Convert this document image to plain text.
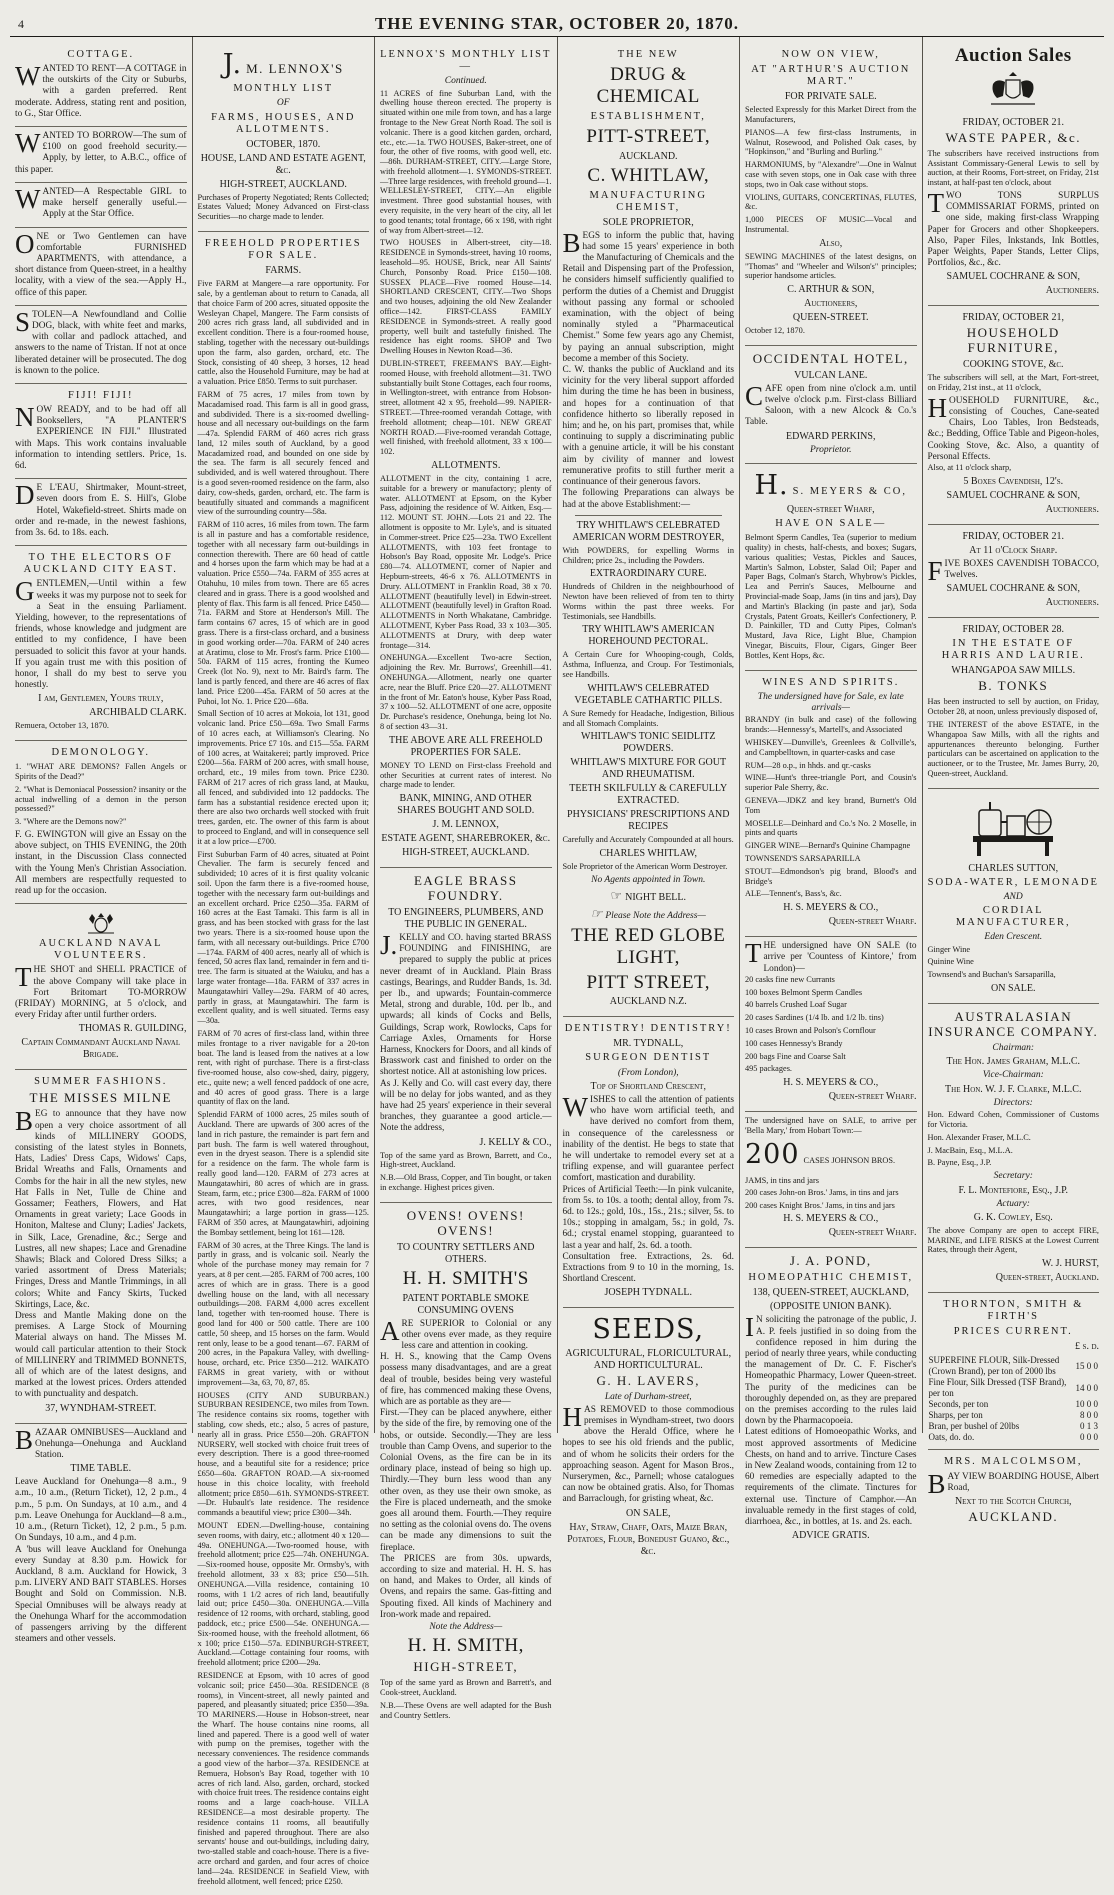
4	THE EVENING STAR, OCTOBER 20, 1870.
COTTAGE.

WANTED TO RENT—A COTTAGE in the outskirts of the City or Suburbs, with a garden preferred. Rent moderate. Address, stating rent and position, to G., Star Office.

WANTED TO BORROW—The sum of £100 on good freehold security.—Apply, by letter, to A.B.C., office of this paper.

WANTED—A Respectable GIRL to make herself generally useful.—Apply at the Star Office.

ONE or Two Gentlemen can have comfortable FURNISHED APARTMENTS, with attendance, a short distance from Queen-street, in a healthy locality, with a view of the sea.—Apply H., office of this paper.

STOLEN—A Newfoundland and Collie DOG, black, with white feet and marks, with collar and padlock attached, and answers to the name of Tristan. If not at once liberated detainer will be prosecuted. The dog is known to the police.

FIJI! FIJI!

NOW READY, and to be had off all Booksellers, "A PLANTER'S EXPERIENCE IN FIJI." Illustrated with Maps. This work contains invaluable information to intending settlers. Price, 1s. 6d.

DE L'EAU, Shirtmaker, Mount-street, seven doors from E. S. Hill's, Globe Hotel, Wakefield-street. Shirts made on order and re-made, in the newest fashions, from 3s. 6d. to 18s. each.

TO THE ELECTORS OF AUCKLAND CITY EAST.

GENTLEMEN,—Until within a few weeks it was my purpose not to seek for a Seat in the ensuing Parliament. Yielding, however, to the representations of friends, whose knowledge and judgment are entitled to my confidence, I have been persuaded to solicit this favor at your hands. If you again trust me with this position of honor, I shall do my best to serve you honestly.

I am, Gentlemen, Yours truly,
ARCHIBALD CLARK.
Remuera, October 13, 1870.
DEMONOLOGY.

1. "WHAT ARE DEMONS? Fallen Angels or Spirits of the Dead?"

2. "What is Demoniacal Possession? insanity or the actual indwelling of a demon in the person possessed?"

3. "Where are the Demons now?"

F. G. EWINGTON will give an Essay on the above subject, on THIS EVENING, the 20th instant, in the Discussion Class connected with the Young Men's Christian Association. All members are respectfully requested to read up for the occasion.

AUCKLAND NAVAL VOLUNTEERS.

THE SHOT and SHELL PRACTICE of the above Company will take place in Fort Britomart TO-MORROW (FRIDAY) MORNING, at 5 o'clock, and every Friday after until further orders.

THOMAS R. GUILDING,
Captain Commandant Auckland Naval Brigade.
SUMMER FASHIONS.
THE MISSES MILNE

BEG to announce that they have now open a very choice assortment of all kinds of MILLINERY GOODS, consisting of the latest styles in Bonnets, Hats, Ladies' Dress Caps, Widows' Caps, Bridal Wreaths and Falls, Ornaments and Combs for the hair in all the new styles, new Hat Falls in Net, Tulle de Chine and Gossamer; Feathers, Flowers, and Hat Ornaments in great variety; Lace Goods in Honiton, Maltese and Cluny; Ladies' Jackets, in Silk, Lace, Grenadine, &c.; Serge and Lustres, all new shapes; Lace and Grenadine Shawls; Black and Colored Dress Silks; a varied assortment of Dress Materials; Fringes, Dress and Mantle Trimmings, in all colors; White and Fancy Skirts, Tucked Skirtings, Lace, &c.

Dress and Mantle Making done on the premises. A Large Stock of Mourning Material always on hand. The Misses M. would call particular attention to their Stock of MILLINERY and TRIMMED BONNETS, all of which are of the latest designs, and marked at the lowest prices. Orders attended to with punctuality and despatch.

37, WYNDHAM-STREET.

BAZAAR OMNIBUSES—Auckland and Onehunga—Onehunga and Auckland Station.

TIME TABLE.

Leave Auckland for Onehunga—8 a.m., 9 a.m., 10 a.m., (Return Ticket), 12, 2 p.m., 4 p.m., 5 p.m. On Sundays, at 10 a.m., and 4 p.m. Leave Onehunga for Auckland—8 a.m., 10 a.m., (Return Ticket), 12, 2 p.m., 5 p.m. On Sundays, 10 a.m., and 4 p.m.

A 'bus will leave Auckland for Onehunga every Sunday at 8.30 p.m. Howick for Auckland, 8 a.m. Auckland for Howick, 3 p.m. LIVERY AND BAIT STABLES. Horses Bought and Sold on Commission. N.B. Special Omnibuses will be always ready at the Onehunga Wharf for the accommodation of passengers arriving by the different steamers and other vessels.

J. M. LENNOX'S
MONTHLY LIST
OF
FARMS, HOUSES, AND ALLOTMENTS.
OCTOBER, 1870.
HOUSE, LAND AND ESTATE AGENT, &c.
HIGH-STREET, AUCKLAND.

Purchases of Property Negotiated; Rents Collected; Estates Valued; Money Advanced on First-class Securities—no charge made to lender.

FREEHOLD PROPERTIES FOR SALE.
FARMS.

Five FARM at Mangere—a rare opportunity. For sale, by a gentleman about to return to Canada, all that choice Farm of 200 acres, situated opposite the Wesleyan Chapel, Mangere. The Farm consists of 200 acres rich grass land, all subdivided and in excellent condition. There is a four-roomed house, stabling, together with the necessary out-buildings upon the farm, also garden, orchard, etc. The Stock, consisting of 40 sheep, 3 horses, 12 head cattle, also the Household Furniture, may be had at a valuation. Price £850. Terms to suit purchaser.

FARM of 75 acres, 17 miles from town by Macadamised road. This farm is all in good grass, and subdivided. There is a six-roomed dwelling-house and all necessary out-buildings on the farm—47a. Splendid FARM of 460 acres rich grass land, 12 miles south of Auckland, by a good Macadamized road, and bounded on one side by the sea. The farm is all securely fenced and subdivided, and is well watered throughout. There is a good seven-roomed residence on the farm, also dairy, cow-sheds, garden, orchard, etc. The farm is beautifully situated and commands a magnificent view of the surrounding country—58a.

FARM of 110 acres, 16 miles from town. The farm is all in pasture and has a comfortable residence, together with all necessary farm out-buildings in connection therewith. There are 60 head of cattle and 4 horses upon the farm which may be had at a valuation. Price £550—74a. FARM of 355 acres at Otahuhu, 10 miles from town. There are 65 acres cleared and in grass. There is a good woolshed and plenty of flax. This farm is all fenced. Price £450—71a. FARM and Store at Henderson's Mill. The farm contains 67 acres, 15 of which are in good grass. There is a first-class orchard, and a business in good working order—70a. FARM of 240 acres at Aratimu, close to Mr. Frost's farm. Price £100—50a. FARM of 115 acres, fronting the Kumeo Creek (lot No. 9), next to Mr. Baird's farm. The land is partly fenced, and there are 46 acres of flax land. Price £200—45a. FARM of 50 acres at the Puhoi, lot No. 1. Price £20—68a.

Small Section of 10 acres at Mokoia, lot 131, good volcanic land. Price £50—69a. Two Small Farms of 10 acres each, at Williamson's Clearing. No improvements. Price £7 10s. and £15—55a. FARM of 100 acres, at Waitakerei; partly improved. Price £200—56a. FARM of 200 acres, with small house, orchard, etc., 19 miles from town. Price £230. FARM of 217 acres of rich grass land, at Mauku, all fenced, and subdivided into 12 paddocks. The farm has a substantial residence erected upon it; there are also two orchards well stocked with fruit trees, garden, etc. The owner of this farm is about to proceed to England, and will in consequence sell it at a low price—£700.

First Suburban Farm of 40 acres, situated at Point Chevalier. The farm is securely fenced and subdivided; 10 acres of it is first quality volcanic soil. Upon the farm there is a five-roomed house, together with the necessary farm out-buildings and an excellent orchard. Price £250—35a. FARM of 160 acres at the East Tamaki. This farm is all in grass, and has been stocked with grass for the last two years. There is a six-roomed house upon the farm, with all necessary out-buildings. Price £700—174a. FARM of 400 acres, nearly all of which is fenced, 50 acres flax land, remainder in fern and ti-tree. The farm is situated at the Waiuku, and has a large water frontage—18a. FARM of 337 acres in Maungatawhiri Valley—29a. FARM of 40 acres, partly in grass, at Maungatawhiri. The farm is excellent quality, and is well situated. Terms easy—30a.

FARM of 70 acres of first-class land, within three miles frontage to a river navigable for a 20-ton boat. The land is leased from the natives at a low rent, with right of purchase. There is a first-class five-roomed house, also cow-shed, dairy, piggery, etc., quite new; a well fenced paddock of one acre, and 40 acres of good grass. There is a large quantity of flax on the land.

Splendid FARM of 1000 acres, 25 miles south of Auckland. There are upwards of 300 acres of the land in rich pasture, the remainder is part fern and part bush. The farm is well watered throughout, even in the dryest season. There is a splendid site for a residence on the farm. The whole farm is really good land—120. FARM of 273 acres at Maungatawhiri, 80 acres of which are in grass. Steam, farm, etc.; price £300—82a. FARM of 1000 acres, with two good residences, near Maungatawhiri; a large portion in grass—125. FARM of 350 acres, at Maungatawhiri, adjoining the Bombay settlement, being lot 161—128.

FARM of 30 acres, at the Three Kings. The land is partly in grass, and is volcanic soil. Nearly the whole of the purchase money may remain for 7 years, at 8 per cent.—285. FARM of 700 acres, 100 acres of which are in grass. There is a good dwelling house on the land, with all necessary outbuildings—208. FARM 4,000 acres excellent land, together with ten-roomed house. There is good land for 400 or 500 cattle. There are 100 cattle, 50 sheep, and 15 horses on the farm. Would rent only, lease to be a good tenant—67. FARM of 200 acres, in the Papakura Valley, with dwelling-house, orchard, etc. Price £350—212. WAIKATO FARMS in great variety, with or without improvement—3a, 63, 70, 87, 85.

HOUSES (CITY AND SUBURBAN.) SUBURBAN RESIDENCE, two miles from Town. The residence contains six rooms, together with stabling, cow sheds, etc.; also, 5 acres of pasture, nearly all in grass. Price £550—20h. GRAFTON NURSERY, well stocked with choice fruit trees of every description. There is a good three-roomed house, and a beautiful site for a residence; price £650—60a. GRAFTON ROAD.—A six-roomed house in this choice locality, with freehold allotment; price £850—61h. SYMONDS-STREET.—Dr. Hubault's late residence. The residence commands a beautiful view; price £300—34h.

MOUNT EDEN.—Dwelling-house, containing seven rooms, with dairy, etc.; allotment 40 x 120—49a. ONEHUNGA.—Two-roomed house, with freehold allotment; price £25—74h. ONEHUNGA.—Six-roomed house, opposite Mr. Ormsby's, with freehold allotment, 33 x 83; price £50—51h. ONEHUNGA.—Villa residence, containing 10 rooms, with 1 1/2 acres of rich land, beautifully laid out; price £450—30a. ONEHUNGA.—Villa residence of 12 rooms, with orchard, stabling, good paddock, etc.; price £500—54e. ONEHUNGA.—Six-roomed house, with the freehold allotment, 66 x 100; price £150—57a. EDINBURGH-STREET, Auckland.—Cottage containing four rooms, with freehold allotment; price £200—29a.

RESIDENCE at Epsom, with 10 acres of good volcanic soil; price £450—30a. RESIDENCE (8 rooms), in Vincent-street, all newly painted and papered, and pleasantly situated; price £350—39a. TO MARINERS.—House in Hobson-street, near the Wharf. The house contains nine rooms, all lined and papered. There is a good well of water with pump on the premises, together with the necessary conveniences. The residence commands a good view of the harbor—37a. RESIDENCE at Remuera, Hobson's Bay Road, together with 10 acres of rich land. Also, garden, orchard, stocked with choice fruit trees. The residence contains eight rooms and a large coach-house. VILLA RESIDENCE—a most desirable property. The residence contains 11 rooms, all beautifully finished and papered throughout. There are also servants' house and out-buildings, including dairy, two-stalled stable and coach-house. There is a five-acre orchard and garden, and four acres of choice land—24a. RESIDENCE in Seafield View, with freehold allotment, well fenced; price £250.

LENNOX'S MONTHLY LIST—
Continued.

11 ACRES of fine Suburban Land, with the dwelling house thereon erected. The property is situated within one mile from town, and has a large frontage to the New Great North Road. The soil is volcanic. There is a good kitchen garden, orchard, etc., etc.—1a. TWO HOUSES, Baker-street, one of four, the other of five rooms, with good well, etc.—86h. DURHAM-STREET, CITY.—Large Store, with freehold allotment—1. SYMONDS-STREET.—Three large residences, with freehold ground—1. WELLESLEY-STREET, CITY.—An eligible investment. Three good substantial houses, with every requisite, in the very heart of the city, all let to good tenants; total frontage, 66 x 198, with right of way from Albert-street—12.

TWO HOUSES in Albert-street, city—18. RESIDENCE in Symonds-street, having 10 rooms, leasehold—95. HOUSE, Brick, near All Saints' Church, Ponsonby Road. Price £150—108. SUSSEX PLACE—Five roomed House—14. SHORTLAND CRESCENT, CITY.—Two Shops and two houses, adjoining the old New Zealander office—142. FIRST-CLASS FAMILY RESIDENCE in Symonds-street. A really good property, well built and tastefully finished. The residence has eight rooms. SHOP and Two Dwelling Houses in Newton Road—36.

DUBLIN-STREET, FREEMAN'S BAY.—Eight-roomed House, with freehold allotment—31. TWO substantially built Stone Cottages, each four rooms, in Wellington-street, with entrance from Hobson-street, allotment 42 x 95, freehold—99. NAPIER-STREET.—Three-roomed verandah Cottage, with freehold allotment; cheap—101. NEW GREAT NORTH ROAD.—Five-roomed verandah Cottage, well finished, with freehold allotment, 33 x 100—102.

ALLOTMENTS.

ALLOTMENT in the city, containing 1 acre, suitable for a brewery or manufactory; plenty of water. ALLOTMENT at Epsom, on the Kyber Pass, adjoining the residence of W. Aitken, Esq.—112. MOUNT ST. JOHN.—Lots 21 and 22. The allotment is opposite to Mr. Lyle's, and is situated in Commer-street. Price £25—23a. TWO Excellent ALLOTMENTS, with 103 feet frontage to Hobson's Bay Road, opposite Mr. Lodge's. Price £80—74. ALLOTMENT, corner of Napier and Hepburn-streets, 46-6 x 76. ALLOTMENTS in Drury. ALLOTMENT in Franklin Road, 38 x 70. ALLOTMENT (beautifully level) in Edwin-street. ALLOTMENT (beautifully level) in Grafton Road. ALLOTMENTS in North Whakatane, Cambridge. ALLOTMENT, Kyber Pass Road, 33 x 103—305. ALLOTMENTS at Drury, with deep water frontage—314.

ONEHUNGA.—Excellent Two-acre Section, adjoining the Rev. Mr. Burrows', Greenhill—41. ONEHUNGA.—Allotment, nearly one quarter acre, near the Bluff. Price £20—27. ALLOTMENT in the front of Mr. Eaton's house, Kyber Pass Road, 37 x 100—52. ALLOTMENT of one acre, opposite Dr. Purchase's residence, Onehunga, being lot No. 8 of section 43—31.

THE ABOVE ARE ALL FREEHOLD PROPERTIES FOR SALE.

MONEY TO LEND on First-class Freehold and other Securities at current rates of interest. No charge made to lender.

BANK, MINING, AND OTHER SHARES BOUGHT AND SOLD.
J. M. LENNOX,
ESTATE AGENT, SHAREBROKER, &c.
HIGH-STREET, AUCKLAND.
EAGLE BRASS FOUNDRY.
TO ENGINEERS, PLUMBERS, AND THE PUBLIC IN GENERAL.

J.KELLY and CO. having started BRASS FOUNDING and FINISHING, are prepared to supply the public at prices never dreamt of in Auckland. Plain Brass castings, Bearings, and Rudder Bands, 1s. 3d. per lb., and upwards; Fountain-commerce Metal, strong and durable, 10d. per lb., and upwards; all kinds of Cocks and Bells, Guildings, Scrap work, Rowlocks, Caps for Carriage Axles, Ornaments for Horse Harness, Knockers for Doors, and all kinds of Brasswork cast and finished to order on the shortest notice. All at astonishing low prices.

As J. Kelly and Co. will cast every day, there will be no delay for jobs wanted, and as they have had 25 years' experience in their several branches, they guarantee a good article.—Note the address,

J. KELLY & CO.,

Top of the same yard as Brown, Barrett, and Co., High-street, Auckland.

N.B.—Old Brass, Copper, and Tin bought, or taken in exchange. Highest prices given.

OVENS! OVENS! OVENS!
TO COUNTRY SETTLERS AND OTHERS.
H. H. SMITH'S
PATENT PORTABLE SMOKE CONSUMING OVENS

ARE SUPERIOR to Colonial or any other ovens ever made, as they require less care and attention in cooking.

H. H. S., knowing that the Camp Ovens possess many disadvantages, and are a great deal of trouble, besides being very wasteful of fire, has commenced making these Ovens, which are as portable as they are—

First.—They can be placed anywhere, either by the side of the fire, by removing one of the hobs, or outside. Secondly.—They are less trouble than Camp Ovens, and superior to the Colonial Ovens, as the fire can be in its ordinary place, instead of being so high up. Thirdly.—They burn less wood than any other oven, as they use their own smoke, as the Fire is placed underneath, and the smoke goes all around them. Fourth.—They require no setting as the colonial ovens do. The ovens can be made any dimensions to suit the fireplace.

The PRICES are from 30s. upwards, according to size and material. H. H. S. has on hand, and Makes to Order, all kinds of Ovens, and repairs the same. Gas-fitting and Spouting fixed. All kinds of Machinery and Iron-work made and repaired.

Note the Address—
H. H. SMITH,
HIGH-STREET,

Top of the same yard as Brown and Barrett's, and Cook-street, Auckland.

N.B.—These Ovens are well adapted for the Bush and Country Settlers.

THE NEW
DRUG & CHEMICAL
ESTABLISHMENT,
PITT-STREET,
AUCKLAND.
C. WHITLAW,
MANUFACTURING CHEMIST,
SOLE PROPRIETOR,

BEGS to inform the public that, having had some 15 years' experience in both the Manufacturing of Chemicals and the Retail and Dispensing part of the Profession, he considers himself sufficiently qualified to perform the duties of a Chemist and Druggist without passing any formal or schooled examination, with the object of being nominally styled a "Pharmaceutical Chemist." Some few years ago any Chemist, by paying an annual subscription, might become a member of this Society.

C. W. thanks the public of Auckland and its vicinity for the very liberal support afforded him during the time he has been in business, and hopes for a continuation of that confidence hitherto so liberally reposed in him; and he, on his part, promises that, while continuing to supply a discriminating public with a genuine article, it will be his constant aim by civility of manner and lowest remunerative profits to still further merit a continuance of their generous favors.

The following Preparations can always be had at the above Establishment:—

TRY WHITLAW'S CELEBRATED AMERICAN WORM DESTROYER,

With POWDERS, for expelling Worms in Children; price 2s., including the Powders.

EXTRAORDINARY CURE.

Hundreds of Children in the neighbourhood of Newton have been relieved of from ten to thirty Worms within the past three weeks. For Testimonials, see Handbills.

TRY WHITLAW'S AMERICAN HOREHOUND PECTORAL.

A Certain Cure for Whooping-cough, Colds, Asthma, Influenza, and Croup. For Testimonials, see Handbills.

WHITLAW'S CELEBRATED VEGETABLE CATHARTIC PILLS.

A Sure Remedy for Headache, Indigestion, Bilious and all Stomach Complaints.

WHITLAW'S TONIC SEIDLITZ POWDERS.
WHITLAW'S MIXTURE FOR GOUT AND RHEUMATISM.
TEETH SKILFULLY & CAREFULLY EXTRACTED.
PHYSICIANS' PRESCRIPTIONS AND RECIPES

Carefully and Accurately Compounded at all hours.

CHARLES WHITLAW,

Sole Proprietor of the American Worm Destroyer.

No Agents appointed in Town.
☞ NIGHT BELL.
☞ Please Note the Address—
THE RED GLOBE LIGHT,
PITT STREET,
AUCKLAND N.Z.
DENTISTRY! DENTISTRY!
MR. TYDNALL,
SURGEON DENTIST
(From London),
Top of Shortland Crescent,

WISHES to call the attention of patients who have worn artificial teeth, and have derived no comfort from them, in consequence of the carelessness or inability of the dentist. He begs to state that he will undertake to remodel every set at a trifling expense, and will guarantee perfect comfort, mastication and durability.

Prices of Artificial Teeth:—In pink vulcanite, from 5s. to 10s. a tooth; dental alloy, from 7s. 6d. to 12s.; gold, 10s., 15s., 21s.; silver, 5s. to 10s.; stopping in amalgam, 5s.; in gold, 7s. 6d.; crystal enamel stopping, guaranteed to last a year and half, 2s. 6d. a tooth.

Consultation free. Extractions, 2s. 6d. Extractions from 9 to 10 in the morning, 1s. Shortland Crescent.

JOSEPH TYDNALL.
SEEDS,
AGRICULTURAL, FLORICULTURAL, AND HORTICULTURAL.
G. H. LAVERS,
Late of Durham-street,

HAS REMOVED to those commodious premises in Wyndham-street, two doors above the Herald Office, where he hopes to see his old friends and the public, and of whom he solicits their orders for the approaching season. Agent for Mason Bros., Nurserymen, &c., Parnell; whose catalogues can now be obtained gratis. Also, for Thomas and Barraclough, for gristing wheat, &c.

ON SALE,
Hay, Straw, Chaff, Oats, Maize Bran, Potatoes, Flour, Bonedust Guano, &c., &c.
NOW ON VIEW,
AT "ARTHUR'S AUCTION MART."
FOR PRIVATE SALE.

Selected Expressly for this Market Direct from the Manufacturers,

PIANOS—A few first-class Instruments, in Walnut, Rosewood, and Polished Oak cases, by "Hopkinson," and "Burling and Burling."

HARMONIUMS, by "Alexandre"—One in Walnut case with seven stops, one in Oak case with three stops, two in Oak case without stops.

VIOLINS, GUITARS, CONCERTINAS, FLUTES, &c.

1,000 PIECES OF MUSIC—Vocal and Instrumental.

Also,

SEWING MACHINES of the latest designs, on "Thomas" and "Wheeler and Wilson's" principles; superior handsome articles.

C. ARTHUR & SON,
Auctioneers,
QUEEN-STREET.
October 12, 1870.
OCCIDENTAL HOTEL,
VULCAN LANE.

CAFE open from nine o'clock a.m. until twelve o'clock p.m. First-class Billiard Saloon, with a new Alcock & Co.'s Table.

EDWARD PERKINS,
Proprietor.
H. S. MEYERS & CO,
Queen-street Wharf,
HAVE ON SALE—

Belmont Sperm Candles, Tea (superior to medium quality) in chests, half-chests, and boxes; Sugars, various qualities; Vestas, Pickles and Sauces, Martin's Salmon, Lobster, Salad Oil; Paper and Paper Bags, Colman's Starch, Whybrow's Pickles, Lea and Perrin's Sauces, Melbourne and Provincial-made Soap, Jams (in tins and jars), Day and Martin's Blacking (in paste and jar), Soda Crystals, Patent Groats, Keiller's Confectionery, P. D. Painkiller, TD and Cutty Pipes, Colman's Mustard, Java Rice, Light Blue, Champion Vinegar, Biscuits, Flour, Cigars, Ginger Beer Bottles, Kent Hops, &c.

WINES AND SPIRITS.
The undersigned have for Sale, ex late arrivals—

BRANDY (in bulk and case) of the following brands:—Hennessy's, Martell's, and Associated

WHISKEY—Dunville's, Greenlees & Collville's, and Campbelltown, in quarter-casks and case

RUM—28 o.p., in hhds. and qr.-casks

WINE—Hunt's three-triangle Port, and Cousin's superior Pale Sherry, &c.

GENEVA—JDKZ and key brand, Burnett's Old Tom

MOSELLE—Deinhard and Co.'s No. 2 Moselle, in pints and quarts

GINGER WINE—Bernard's Quinine Champagne

TOWNSEND'S SARSAPARILLA

STOUT—Edmondson's pig brand, Blood's and Bridge's

ALE—Tennent's, Bass's, &c.

H. S. MEYERS & CO.,
Queen-street Wharf.

THE undersigned have ON SALE (to arrive per 'Countess of Kintore,' from London)—

20 casks fine new Currants

100 boxes Belmont Sperm Candles

40 barrels Crushed Loaf Sugar

20 cases Sardines (1/4 lb. and 1/2 lb. tins)

10 cases Brown and Polson's Cornflour

100 cases Hennessy's Brandy

200 bags Fine and Coarse Salt

495 packages.

H. S. MEYERS & CO.,
Queen-street Wharf.

The undersigned have on SALE, to arrive per 'Bella Mary,' from Hobart Town:—

200 CASES JOHNSON BROS. JAMS, in tins and jars

200 cases John-on Bros.' Jams, in tins and jars

200 cases Knight Bros.' Jams, in tins and jars

H. S. MEYERS & CO.,
Queen-street Wharf.
J. A. POND,
HOMEOPATHIC CHEMIST,
138, QUEEN-STREET, AUCKLAND,
(OPPOSITE UNION BANK).

IN soliciting the patronage of the public, J. A. P. feels justified in so doing from the confidence reposed in him during the period of nearly three years, while conducting the management of Dr. C. F. Fischer's Homeopathic Pharmacy, Lower Queen-street. The purity of the medicines can be thoroughly depended on, as they are prepared on the premises according to the rules laid down by the Pharmacopoeia.

Latest editions of Homoeopathic Works, and most approved assortments of Medicine Chests, on hand and to arrive. Tincture Cases in New Zealand woods, containing from 12 to 60 remedies are especially adapted to the requirements of the climate. Tinctures for external use. Tincture of Camphor.—An invaluable remedy in the first stages of cold, diarrhoea, &c., in bottles, at 1s. and 2s. each.

ADVICE GRATIS.
Auction Sales
FRIDAY, OCTOBER 21.
WASTE PAPER, &c.

The subscribers have received instructions from Assistant Commissary-General Lewis to sell by auction, at their Rooms, Fort-street, on Friday, 21st instant, at half-past ten o'clock, about

TWO TONS SURPLUS COMMISSARIAT FORMS, printed on one side, making first-class Wrapping Paper for Grocers and other Shopkeepers. Also, Paper Files, Inkstands, Ink Bottles, Paper Weights, Paper Stands, Letter Clips, Portfolios, &c., &c.

SAMUEL COCHRANE & SON,
Auctioneers.
FRIDAY, OCTOBER 21,
HOUSEHOLD FURNITURE,
COOKING STOVE, &c.

The subscribers will sell, at the Mart, Fort-street, on Friday, 21st inst., at 11 o'clock,

HOUSEHOLD FURNITURE, &c., consisting of Couches, Cane-seated Chairs, Loo Tables, Iron Bedsteads, &c.; Bedding, Office Table and Pigeon-holes, Cooking Stove, &c. Also, a quantity of Personal Effects.

Also, at 11 o'clock sharp,

5 Boxes Cavendish, 12's.
SAMUEL COCHRANE & SON,
Auctioneers.
FRIDAY, OCTOBER 21.
At 11 o'Clock Sharp.

FIVE BOXES CAVENDISH TOBACCO, Twelves.

SAMUEL COCHRANE & SON,
Auctioneers.
FRIDAY, OCTOBER 28.
IN THE ESTATE OF HARRIS AND LAURIE.
WHANGAPOA SAW MILLS.
B. TONKS

Has been instructed to sell by auction, on Friday, October 28, at noon, unless previously disposed of,

THE INTEREST of the above ESTATE, in the Whangapoa Saw Mills, with all the rights and appurtenances thereunto belonging. Further particulars can be ascertained on application to the auctioneer, or to the Trustee, Mr. James Burry, 20, Queen-street, Auckland.

CHARLES SUTTON,
SODA-WATER, LEMONADE
AND
CORDIAL MANUFACTURER,
Eden Crescent.

Ginger Wine

Quinine Wine

Townsend's and Buchan's Sarsaparilla,

ON SALE.
AUSTRALASIAN INSURANCE COMPANY.
Chairman:
The Hon. James Graham, M.L.C.
Vice-Chairman:
The Hon. W. J. F. Clarke, M.L.C.
Directors:

Hon. Edward Cohen, Commissioner of Customs for Victoria.

Hon. Alexander Fraser, M.L.C.

J. MacBain, Esq., M.L.A.

B. Payne, Esq., J.P.

Secretary:
F. L. Montefiore, Esq., J.P.
Actuary:
G. K. Cowley, Esq.

The above Company are open to accept FIRE, MARINE, and LIFE RISKS at the Lowest Current Rates, through their Agent,

W. J. HURST,
Queen-street, Auckland.
THORNTON, SMITH & FIRTH'S
PRICES CURRENT.
£ s. d.
SUPERFINE FLOUR, Silk-Dressed (Crown Brand), per ton of 2000 lbs	15 0 0
Fine Flour, Silk Dressed (TSF Brand), per ton	14 0 0
Seconds, per ton	10 0 0
Sharps, per ton	8 0 0
Bran, per bushel of 20lbs	0 1 3
Oats, do. do.	0 0 0
MRS. MALCOLMSOM,

BAY VIEW BOARDING HOUSE, Albert Road,

Next to the Scotch Church,
AUCKLAND.
